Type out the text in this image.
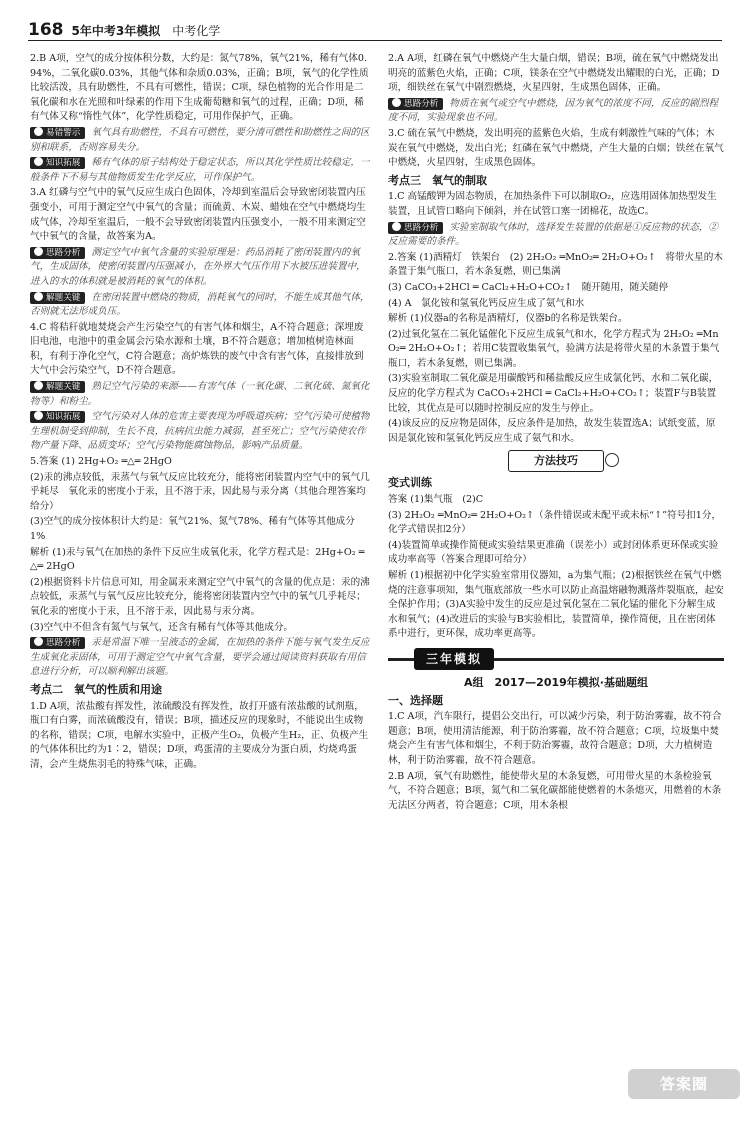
168 5年中考3年模拟 中考化学

2.B A项，空气的成分按体积分数，大约是：氮气78%，氧气21%，稀有气体0.94%，二氧化碳0.03%，其他气体和杂质0.03%，正确；B项，氧气的化学性质比较活泼，具有助燃性，不具有可燃性，错误；C项，绿色植物的光合作用是二氧化碳和水在光照和叶绿素的作用下生成葡萄糖和氧气的过程，正确；D项，稀有气体又称“惰性气体”，化学性质稳定，可用作保护气，正确。

易错警示 氧气具有助燃性，不具有可燃性，要分清可燃性和助燃性之间的区别和联系，否则容易失分。

知识拓展 稀有气体的原子结构处于稳定状态，所以其化学性质比较稳定，一般条件下不易与其他物质发生化学反应，可作保护气。

3.A 红磷与空气中的氧气反应生成白色固体，冷却到室温后会导致密闭装置内压强变小，可用于测定空气中氧气的含量；而硫黄、木炭、蜡烛在空气中燃烧均生成气体，冷却至室温后，一般不会导致密闭装置内压强变小，一般不用来测定空气中氧气的含量，故答案为A。

思路分析 测定空气中氧气含量的实验原理是：药品消耗了密闭装置内的氧气，生成固体，使密闭装置内压强减小，在外界大气压作用下水被压进装置中，进入的水的体积就是被消耗的氧气的体积。

解题关键 在密闭装置中燃烧的物质，消耗氧气的同时，不能生成其他气体，否则就无法形成负压。

4.C 将秸秆就地焚烧会产生污染空气的有害气体和烟尘，A不符合题意；深埋废旧电池，电池中的重金属会污染水源和土壤，B不符合题意；增加植树造林面积，有利于净化空气，C符合题意；高炉炼铁的废气中含有害气体，直接排放到大气中会污染空气，D不符合题意。

解题关键 熟记空气污染的来源——有害气体（一氧化碳、二氧化硫、氮氧化物等）和粉尘。

知识拓展 空气污染对人体的危害主要表现为呼吸道疾病；空气污染可使植物生理机制受到抑制，生长不良，抗病抗虫能力减弱，甚至死亡；空气污染使农作物产量下降、品质变坏；空气污染物能腐蚀物品，影响产品质量。

5.答案 (1) 2Hg+O₂ ═△═ 2HgO

(2)汞的沸点较低，汞蒸气与氧气反应比较充分，能将密闭装置内空气中的氧气几乎耗尽　氧化汞的密度小于汞，且不溶于汞，因此易与汞分离（其他合理答案均给分）

(3)空气的成分按体积计大约是：氧气21%、氮气78%、稀有气体等其他成分1%

解析 (1)汞与氧气在加热的条件下反应生成氧化汞，化学方程式是：2Hg+O₂ ═△═ 2HgO

(2)根据资料卡片信息可知，用金属汞来测定空气中氧气的含量的优点是：汞的沸点较低，汞蒸气与氧气反应比较充分，能将密闭装置内空气中的氧气几乎耗尽；氧化汞的密度小于汞，且不溶于汞，因此易与汞分离。

(3)空气中不但含有氮气与氧气，还含有稀有气体等其他成分。

思路分析 汞是常温下唯一呈液态的金属，在加热的条件下能与氧气发生反应生成氧化汞固体，可用于测定空气中氧气含量，要学会通过阅读资料获取有用信息进行分析，可以顺利解出该题。

考点二　氧气的性质和用途

1.D A项，浓盐酸有挥发性，浓硫酸没有挥发性，故打开盛有浓盐酸的试剂瓶，瓶口有白雾，而浓硫酸没有，错误；B项，描述反应的现象时，不能说出生成物的名称，错误；C项，电解水实验中，正极产生O₂，负极产生H₂，正、负极产生的气体体积比约为1∶2，错误；D项，鸡蛋清的主要成分为蛋白质，灼烧鸡蛋清，会产生烧焦羽毛的特殊气味，正确。

2.A A项，红磷在氧气中燃烧产生大量白烟，错误；B项，硫在氧气中燃烧发出明亮的蓝紫色火焰，正确；C项，镁条在空气中燃烧发出耀眼的白光，正确；D项，细铁丝在氧气中剧烈燃烧，火星四射，生成黑色固体，正确。

思路分析 物质在氧气或空气中燃烧，因为氧气的浓度不同，反应的剧烈程度不同，实验现象也不同。

3.C 硫在氧气中燃烧，发出明亮的蓝紫色火焰，生成有刺激性气味的气体；木炭在氧气中燃烧，发出白光；红磷在氧气中燃烧，产生大量的白烟；铁丝在氧气中燃烧，火星四射，生成黑色固体。

考点三　氧气的制取

1.C 高锰酸钾为固态物质，在加热条件下可以制取O₂，应选用固体加热型发生装置，且试管口略向下倾斜，并在试管口塞一团棉花，故选C。

思路分析 实验室制取气体时，选择发生装置的依据是①反应物的状态，②反应需要的条件。

2.答案 (1)酒精灯　铁架台　(2) 2H₂O₂ ═MnO₂═ 2H₂O+O₂↑　将带火星的木条置于集气瓶口，若木条复燃，则已集满

(3) CaCO₃+2HCl ═ CaCl₂+H₂O+CO₂↑　随开随用，随关随停

(4) A　氯化铵和氢氧化钙反应生成了氨气和水

解析 (1)仪器a的名称是酒精灯，仪器b的名称是铁架台。

(2)过氧化氢在二氧化锰催化下反应生成氧气和水，化学方程式为 2H₂O₂ ═MnO₂═ 2H₂O+O₂↑；若用C装置收集氧气，验满方法是将带火星的木条置于集气瓶口，若木条复燃，则已集满。

(3)实验室制取二氧化碳是用碳酸钙和稀盐酸反应生成氯化钙、水和二氧化碳，反应的化学方程式为 CaCO₃+2HCl ═ CaCl₂+H₂O+CO₂↑；装置F与B装置比较，其优点是可以随时控制反应的发生与停止。

(4)该反应的反应物是固体，反应条件是加热，故发生装置选A；试纸变蓝，原因是氯化铵和氢氧化钙反应生成了氨气和水。

方法技巧
变式训练

答案 (1)集气瓶　(2)C

(3) 2H₂O₂ ═MnO₂═ 2H₂O+O₂↑（条件错误或未配平或未标“↑”符号扣1分，化学式错误扣2分）

(4)装置简单或操作简便或实验结果更准确（误差小）或封闭体系更环保或实验成功率高等（答案合理即可给分）

解析 (1)根据初中化学实验室常用仪器知，a为集气瓶；(2)根据铁丝在氧气中燃烧的注意事项知，集气瓶底部放一些水可以防止高温熔融物溅落炸裂瓶底，起安全保护作用；(3)A实验中发生的反应是过氧化氢在二氧化锰的催化下分解生成水和氧气；(4)改进后的实验与B实验相比，装置简单，操作简便，且在密闭体系中进行，更环保，成功率更高等。

三年模拟
A组　2017—2019年模拟·基础题组
一、选择题

1.C A项，汽车限行，提倡公交出行，可以减少污染，利于防治雾霾，故不符合题意；B项，使用清洁能源，利于防治雾霾，故不符合题意；C项，垃圾集中焚烧会产生有害气体和烟尘，不利于防治雾霾，故符合题意；D项，大力植树造林，利于防治雾霾，故不符合题意。

2.B A项，氧气有助燃性，能使带火星的木条复燃，可用带火星的木条检验氧气，不符合题意；B项，氮气和二氧化碳都能使燃着的木条熄灭，用燃着的木条无法区分两者，符合题意；C项，用木条根

答案圈 MXQE.COM
